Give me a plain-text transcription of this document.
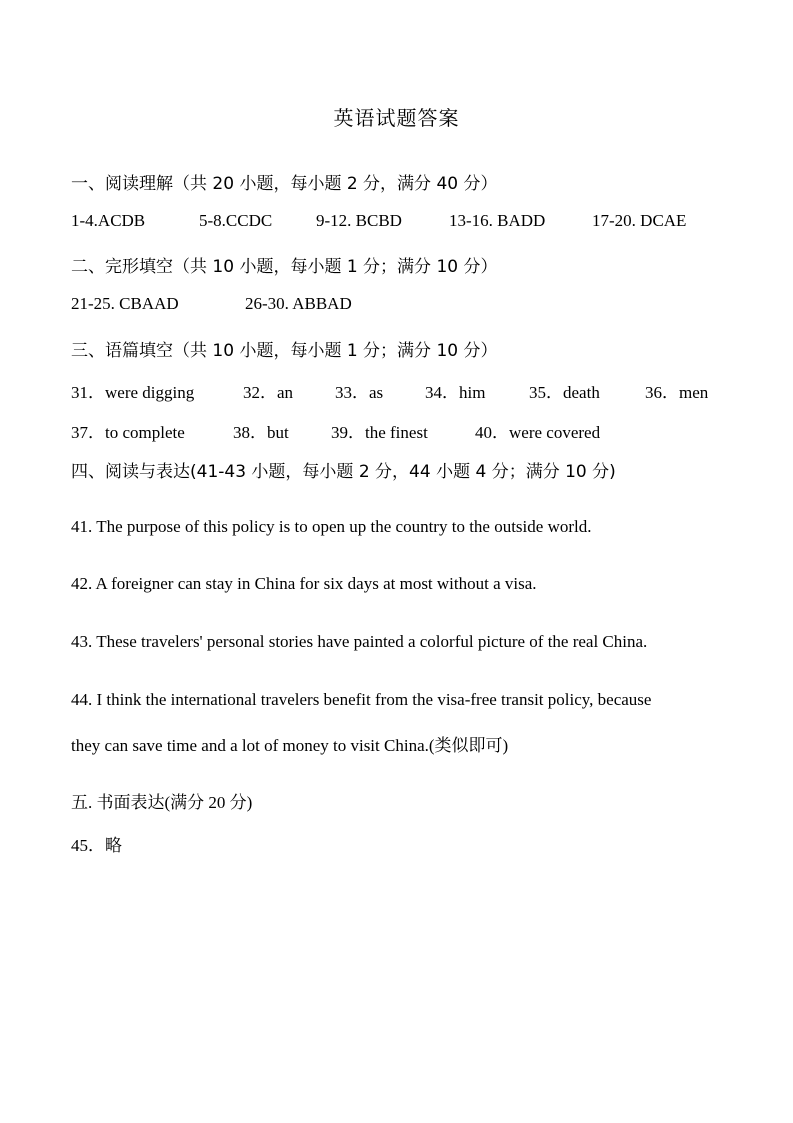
英语试题答案
一、阅读理解（共 20 小题，每小题 2 分，满分 40 分）
1-4.ACDB	5-8.CCDC	9-12. BCBD	13-16. BADD	17-20. DCAE
二、完形填空（共 10 小题，每小题 1 分；满分 10 分）
21-25. CBAAD	26-30. ABBAD
三、语篇填空（共 10 小题，每小题 1 分；满分 10 分）
31．were digging	32．an 33．as 34．him	35．death	36．men
37．to complete	38．but 39．the finest	40．were covered
四、阅读与表达(41-43 小题，每小题 2 分，44 小题 4 分；满分 10 分)
41. The purpose of this policy is to open up the country to the outside world.
42. A foreigner can stay in China for six days at most without a visa.
43. These travelers' personal stories have painted a colorful picture of the real China.
44. I think the international travelers benefit from the visa-free transit policy, because
they can save time and a lot of money to visit China.(类似即可)
五. 书面表达(满分 20 分)
45．略
